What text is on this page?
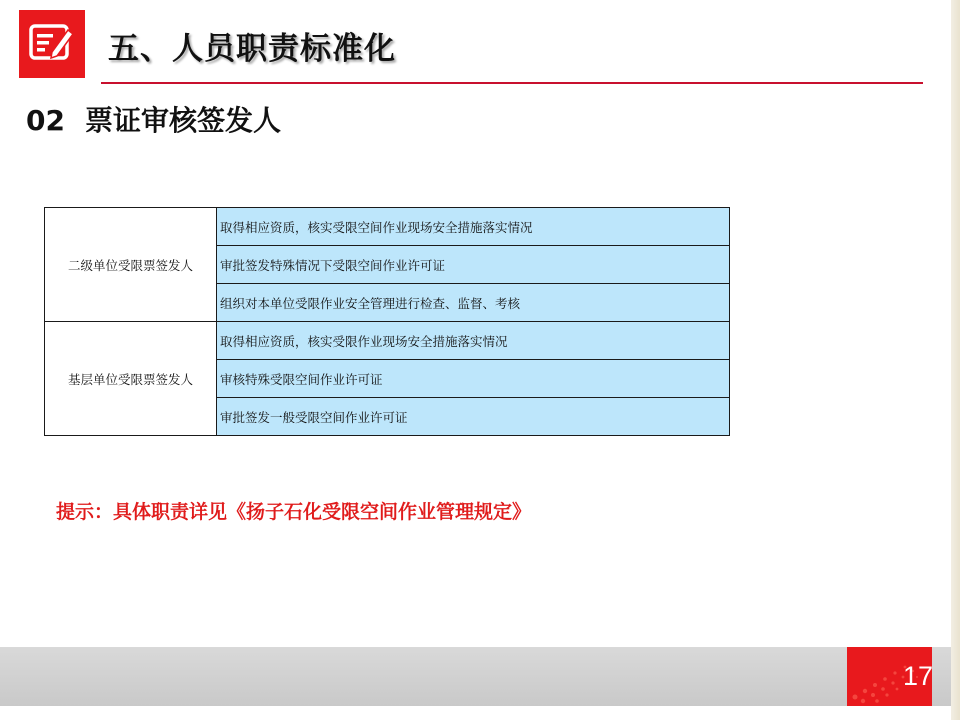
五、人员职责标准化
02 票证审核签发人
二级单位受限票签发人	取得相应资质，核实受限空间作业现场安全措施落实情况
	审批签发特殊情况下受限空间作业许可证
	组织对本单位受限作业安全管理进行检查、监督、考核
基层单位受限票签发人	取得相应资质，核实受限作业现场安全措施落实情况
	审核特殊受限空间作业许可证
	审批签发一般受限空间作业许可证
提示：具体职责详见《扬子石化受限空间作业管理规定》
17
